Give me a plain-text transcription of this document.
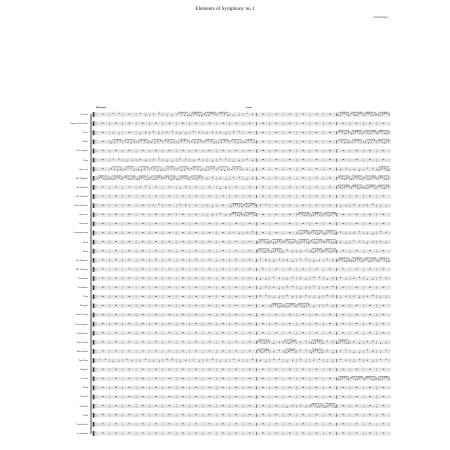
Elements of Symphony no.1
Joann Robson
Moderato	Lento
Piccolo
Soprano Recorder
Flute
Oboe
Cor Anglais
Bass
Bassoon
Bb Trumpet
Bb Clarinet
Bb Clarinet
Bass Clarinet
Bassoon
Bassoon
Contrabassoon
Horn
Horn
Bb Trumpet
Bb Trumpet
Trombone
Trombone
Tuba
Timpani
Snare Drum
Glockenspiel
Xylophone
Bass Drum
Bass Drum
Tam-Tam
Triangle
Celesta
Harp
Violin I
Violin II
Viola
Violoncello
Contrabass
